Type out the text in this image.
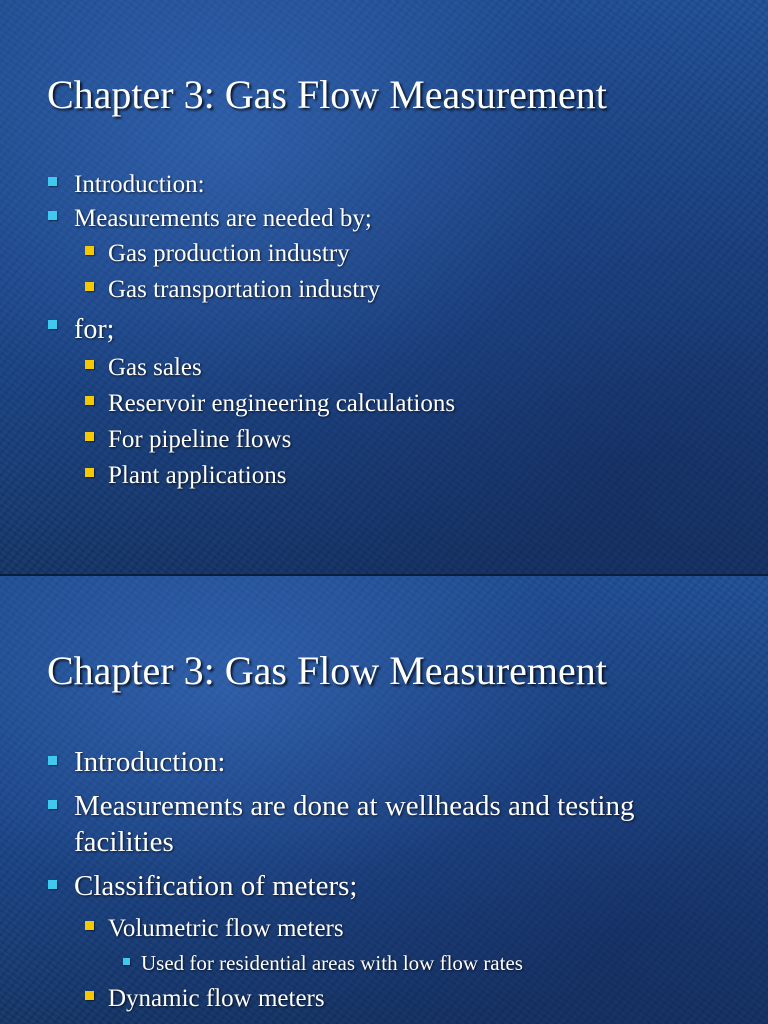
Chapter 3: Gas Flow Measurement
Introduction:
Measurements are needed by;
Gas production industry
Gas transportation industry
for;
Gas sales
Reservoir engineering calculations
For pipeline flows
Plant applications
Chapter 3: Gas Flow Measurement
Introduction:
Measurements are done at wellheads and testing facilities
Classification of meters;
Volumetric flow meters
Used for residential areas with low flow rates
Dynamic flow meters
